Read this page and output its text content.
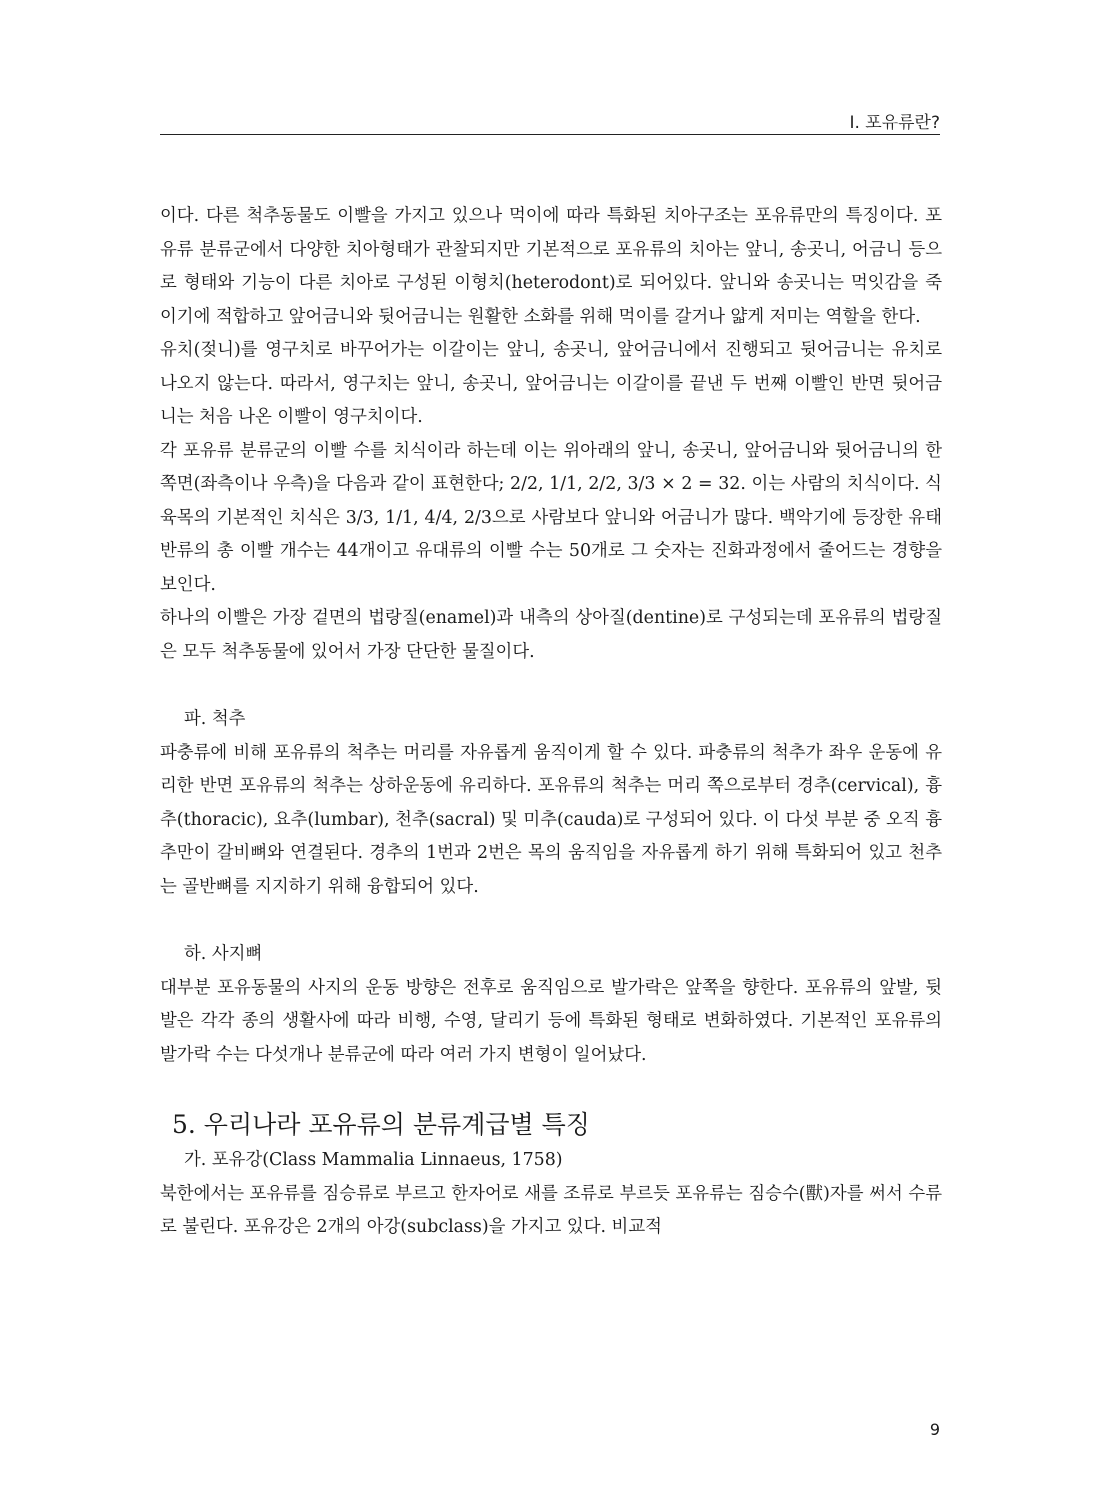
I. 포유류란?

이다. 다른 척추동물도 이빨을 가지고 있으나 먹이에 따라 특화된 치아구조는 포유류만의 특징이다. 포유류 분류군에서 다양한 치아형태가 관찰되지만 기본적으로 포유류의 치아는 앞니, 송곳니, 어금니 등으로 형태와 기능이 다른 치아로 구성된 이형치(heterodont)로 되어있다. 앞니와 송곳니는 먹잇감을 죽이기에 적합하고 앞어금니와 뒷어금니는 원활한 소화를 위해 먹이를 갈거나 얇게 저미는 역할을 한다.

유치(젖니)를 영구치로 바꾸어가는 이갈이는 앞니, 송곳니, 앞어금니에서 진행되고 뒷어금니는 유치로 나오지 않는다. 따라서, 영구치는 앞니, 송곳니, 앞어금니는 이갈이를 끝낸 두 번째 이빨인 반면 뒷어금니는 처음 나온 이빨이 영구치이다.

각 포유류 분류군의 이빨 수를 치식이라 하는데 이는 위아래의 앞니, 송곳니, 앞어금니와 뒷어금니의 한쪽면(좌측이나 우측)을 다음과 같이 표현한다; 2/2, 1/1, 2/2, 3/3 × 2 = 32. 이는 사람의 치식이다. 식육목의 기본적인 치식은 3/3, 1/1, 4/4, 2/3으로 사람보다 앞니와 어금니가 많다. 백악기에 등장한 유태반류의 총 이빨 개수는 44개이고 유대류의 이빨 수는 50개로 그 숫자는 진화과정에서 줄어드는 경향을 보인다.

하나의 이빨은 가장 겉면의 법랑질(enamel)과 내측의 상아질(dentine)로 구성되는데 포유류의 법랑질은 모두 척추동물에 있어서 가장 단단한 물질이다.

파. 척추

파충류에 비해 포유류의 척추는 머리를 자유롭게 움직이게 할 수 있다. 파충류의 척추가 좌우 운동에 유리한 반면 포유류의 척추는 상하운동에 유리하다. 포유류의 척추는 머리 쪽으로부터 경추(cervical), 흉추(thoracic), 요추(lumbar), 천추(sacral) 및 미추(cauda)로 구성되어 있다. 이 다섯 부분 중 오직 흉추만이 갈비뼈와 연결된다. 경추의 1번과 2번은 목의 움직임을 자유롭게 하기 위해 특화되어 있고 천추는 골반뼈를 지지하기 위해 융합되어 있다.

하. 사지뼈

대부분 포유동물의 사지의 운동 방향은 전후로 움직임으로 발가락은 앞쪽을 향한다. 포유류의 앞발, 뒷발은 각각 종의 생활사에 따라 비행, 수영, 달리기 등에 특화된 형태로 변화하였다. 기본적인 포유류의 발가락 수는 다섯개나 분류군에 따라 여러 가지 변형이 일어났다.

5. 우리나라 포유류의 분류계급별 특징

가. 포유강(Class Mammalia Linnaeus, 1758)

북한에서는 포유류를 짐승류로 부르고 한자어로 새를 조류로 부르듯 포유류는 짐승수(獸)자를 써서 수류로 불린다. 포유강은 2개의 아강(subclass)을 가지고 있다. 비교적

9
